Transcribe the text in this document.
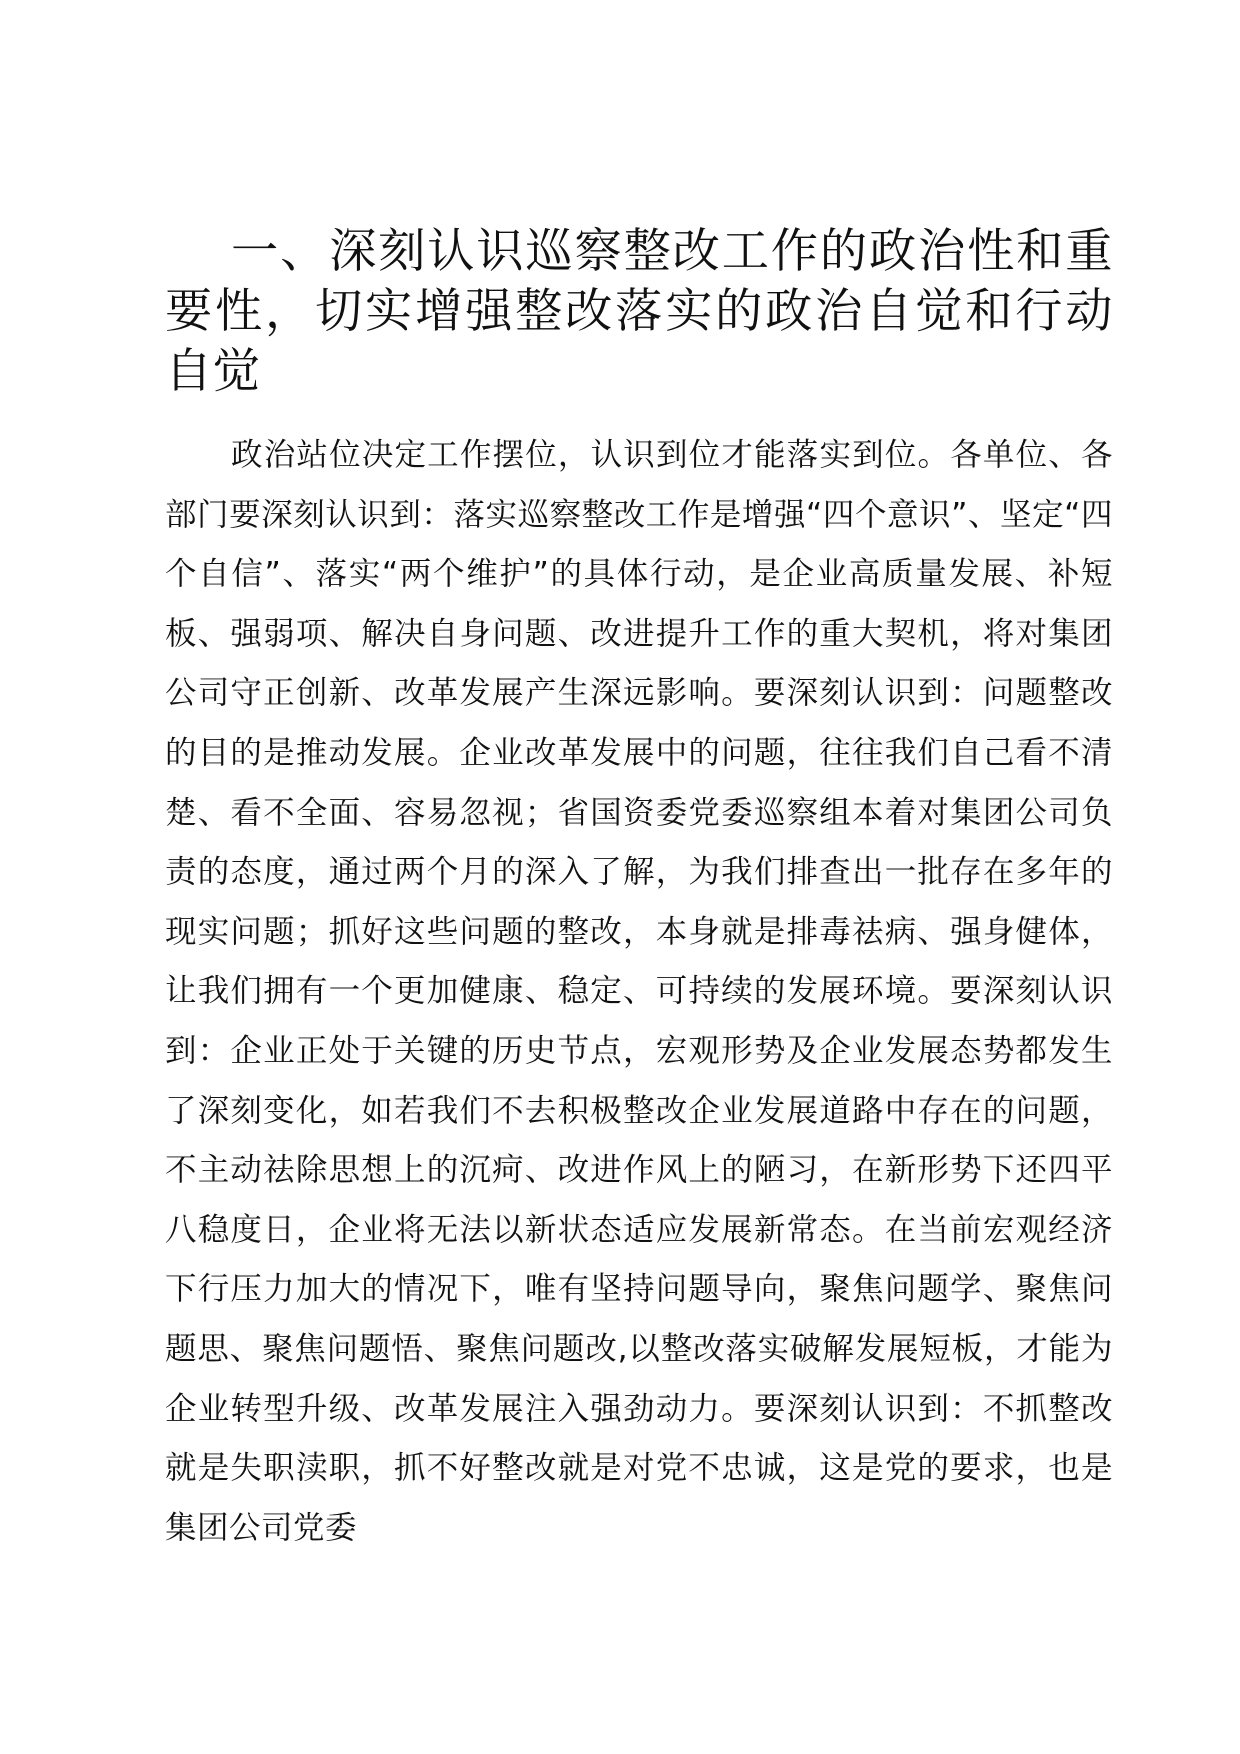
一、深刻认识巡察整改工作的政治性和重要性，切实增强整改落实的政治自觉和行动自觉

政治站位决定工作摆位，认识到位才能落实到位。各单位、各部门要深刻认识到：落实巡察整改工作是增强“四个意识”、坚定“四个自信”、落实“两个维护”的具体行动，是企业高质量发展、补短板、强弱项、解决自身问题、改进提升工作的重大契机，将对集团公司守正创新、改革发展产生深远影响。要深刻认识到：问题整改的目的是推动发展。企业改革发展中的问题，往往我们自己看不清楚、看不全面、容易忽视；省国资委党委巡察组本着对集团公司负责的态度，通过两个月的深入了解，为我们排查出一批存在多年的现实问题；抓好这些问题的整改，本身就是排毒祛病、强身健体，让我们拥有一个更加健康、稳定、可持续的发展环境。要深刻认识到：企业正处于关键的历史节点，宏观形势及企业发展态势都发生了深刻变化，如若我们不去积极整改企业发展道路中存在的问题，不主动祛除思想上的沉疴、改进作风上的陋习，在新形势下还四平八稳度日，企业将无法以新状态适应发展新常态。在当前宏观经济下行压力加大的情况下，唯有坚持问题导向，聚焦问题学、聚焦问题思、聚焦问题悟、聚焦问题改,以整改落实破解发展短板，才能为企业转型升级、改革发展注入强劲动力。要深刻认识到：不抓整改就是失职渎职，抓不好整改就是对党不忠诚，这是党的要求，也是集团公司党委
